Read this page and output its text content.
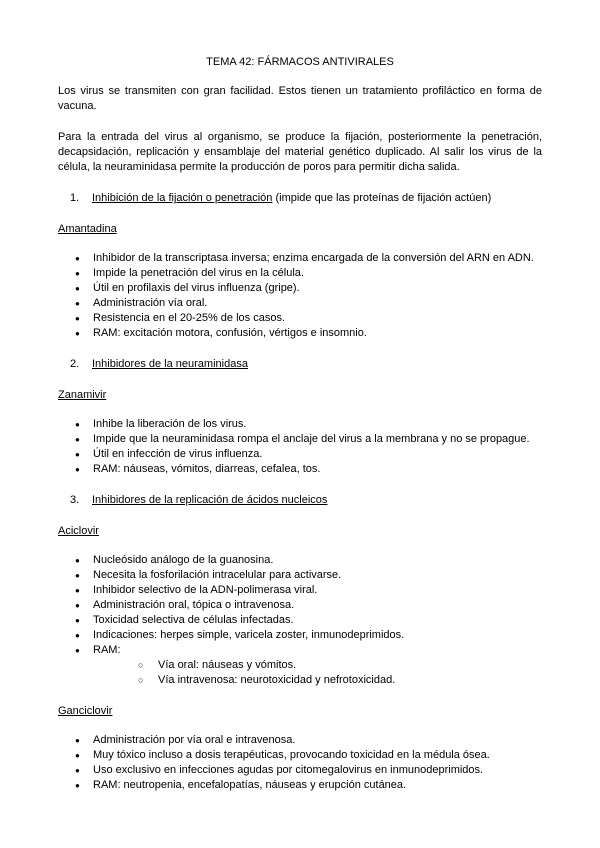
TEMA 42: FÁRMACOS ANTIVIRALES

Los virus se transmiten con gran facilidad. Estos tienen un tratamiento profiláctico en forma de vacuna.

Para la entrada del virus al organismo, se produce la fijación, posteriormente la penetración, decapsidación, replicación y ensamblaje del material genético duplicado. Al salir los virus de la célula, la neuraminidasa permite la producción de poros para permitir dicha salida.

1. Inhibición de la fijación o penetración (impide que las proteínas de fijación actúen)
Amantadina
● Inhibidor de la transcriptasa inversa; enzima encargada de la conversión del ARN en ADN.
● Impide la penetración del virus en la célula.
● Útil en profilaxis del virus influenza (gripe).
● Administración vía oral.
● Resistencia en el 20-25% de los casos.
● RAM: excitación motora, confusión, vértigos e insomnio.
2. Inhibidores de la neuraminidasa
Zanamivir
● Inhibe la liberación de los virus.
● Impide que la neuraminidasa rompa el anclaje del virus a la membrana y no se propague.
● Útil en infección de virus influenza.
● RAM: náuseas, vómitos, diarreas, cefalea, tos.
3. Inhibidores de la replicación de ácidos nucleicos
Aciclovir
● Nucleósido análogo de la guanosina.
● Necesita la fosforilación intracelular para activarse.
● Inhibidor selectivo de la ADN-polimerasa viral.
● Administración oral, tópica o intravenosa.
● Toxicidad selectiva de células infectadas.
● Indicaciones: herpes simple, varicela zoster, inmunodeprimidos.
● RAM:
○ Vía oral: náuseas y vómitos.
○ Vía intravenosa: neurotoxicidad y nefrotoxicidad.
Ganciclovir
● Administración por vía oral e intravenosa.
● Muy tóxico incluso a dosis terapéuticas, provocando toxicidad en la médula ósea.
● Uso exclusivo en infecciones agudas por citomegalovirus en inmunodeprimidos.
● RAM: neutropenia, encefalopatías, náuseas y erupción cutánea.
